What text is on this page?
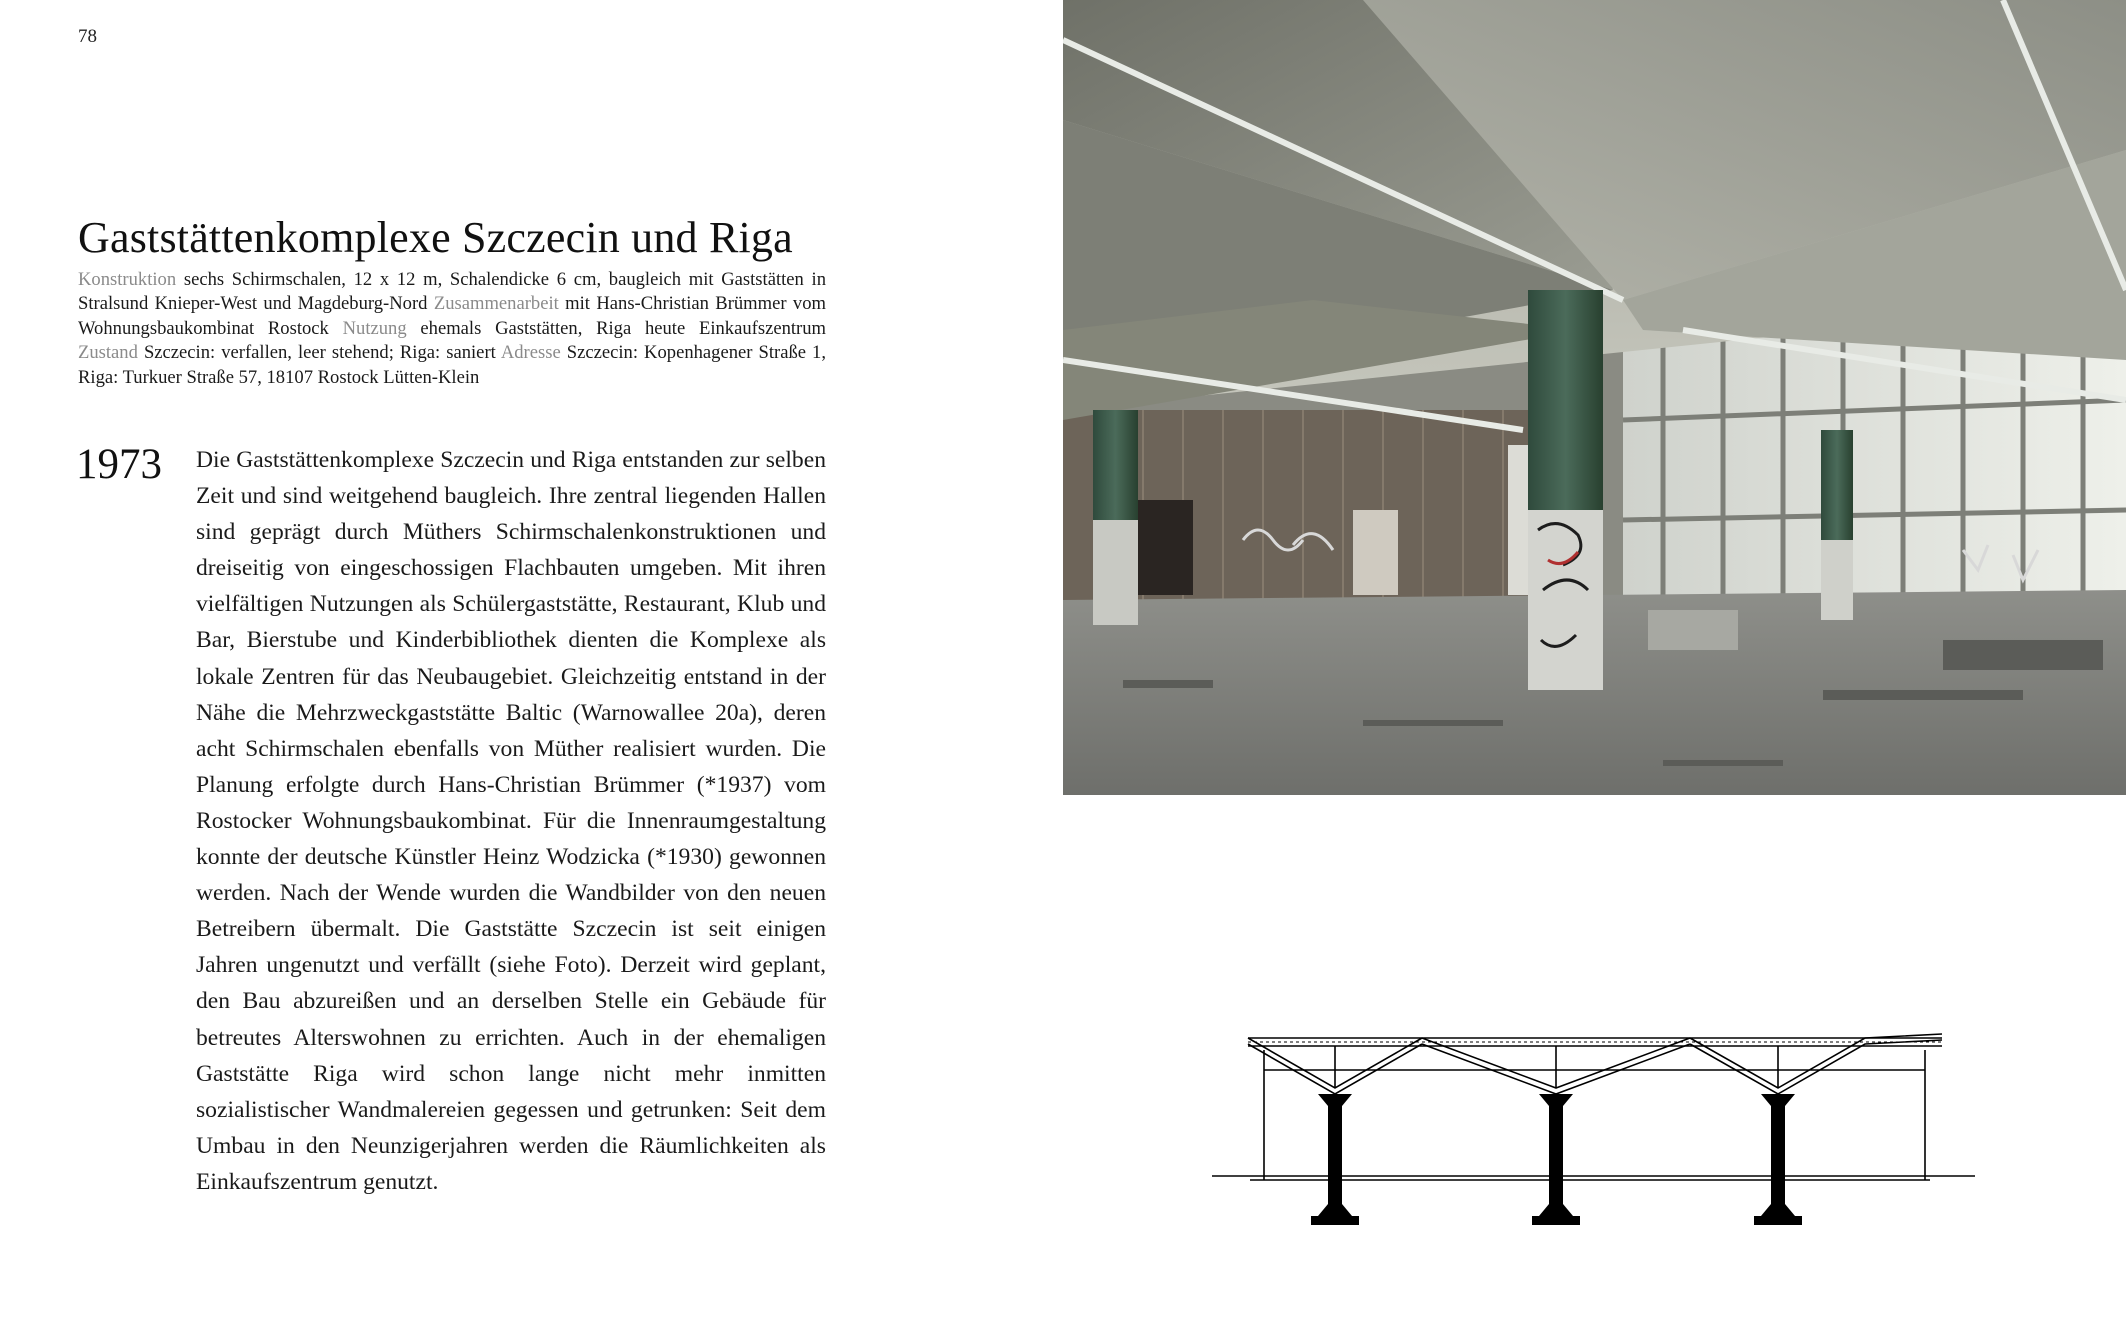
78
Gaststättenkomplexe Szczecin und Riga
Konstruktion sechs Schirmschalen, 12 x 12 m, Schalendicke 6 cm, baugleich mit Gaststätten in Stralsund Knieper-West und Magdeburg-Nord Zusammenarbeit mit Hans-Christian Brümmer vom Wohnungsbaukombinat Rostock Nutzung ehemals Gaststätten, Riga heute Einkaufszentrum Zustand Szczecin: verfallen, leer stehend; Riga: saniert Adresse Szczecin: Kopenhagener Straße 1, Riga: Turkuer Straße 57, 18107 Rostock Lütten-Klein
1973 Die Gaststättenkomplexe Szczecin und Riga entstanden zur selben Zeit und sind weitgehend baugleich. Ihre zentral liegenden Hallen sind geprägt durch Müthers Schirmschalenkonstruktionen und dreiseitig von eingeschossigen Flachbauten umgeben. Mit ihren vielfältigen Nutzungen als Schülergaststätte, Restaurant, Klub und Bar, Bierstube und Kinderbibliothek dienten die Komplexe als lokale Zentren für das Neubaugebiet. Gleichzeitig entstand in der Nähe die Mehrzweckgaststätte Baltic (Warnowallee 20a), deren acht Schirmschalen ebenfalls von Müther realisiert wurden. Die Planung erfolgte durch Hans-Christian Brümmer (*1937) vom Rostocker Wohnungsbaukombinat. Für die Innenraumgestaltung konnte der deutsche Künstler Heinz Wodzicka (*1930) gewonnen werden. Nach der Wende wurden die Wandbilder von den neuen Betreibern übermalt. Die Gaststätte Szczecin ist seit einigen Jahren ungenutzt und verfällt (siehe Foto). Derzeit wird geplant, den Bau abzureißen und an derselben Stelle ein Gebäude für betreutes Alterswohnen zu errichten. Auch in der ehemaligen Gaststätte Riga wird schon lange nicht mehr inmitten sozialistischer Wandmalereien gegessen und getrunken: Seit dem Umbau in den Neunzigerjahren werden die Räumlichkeiten als Einkaufszentrum genutzt.
